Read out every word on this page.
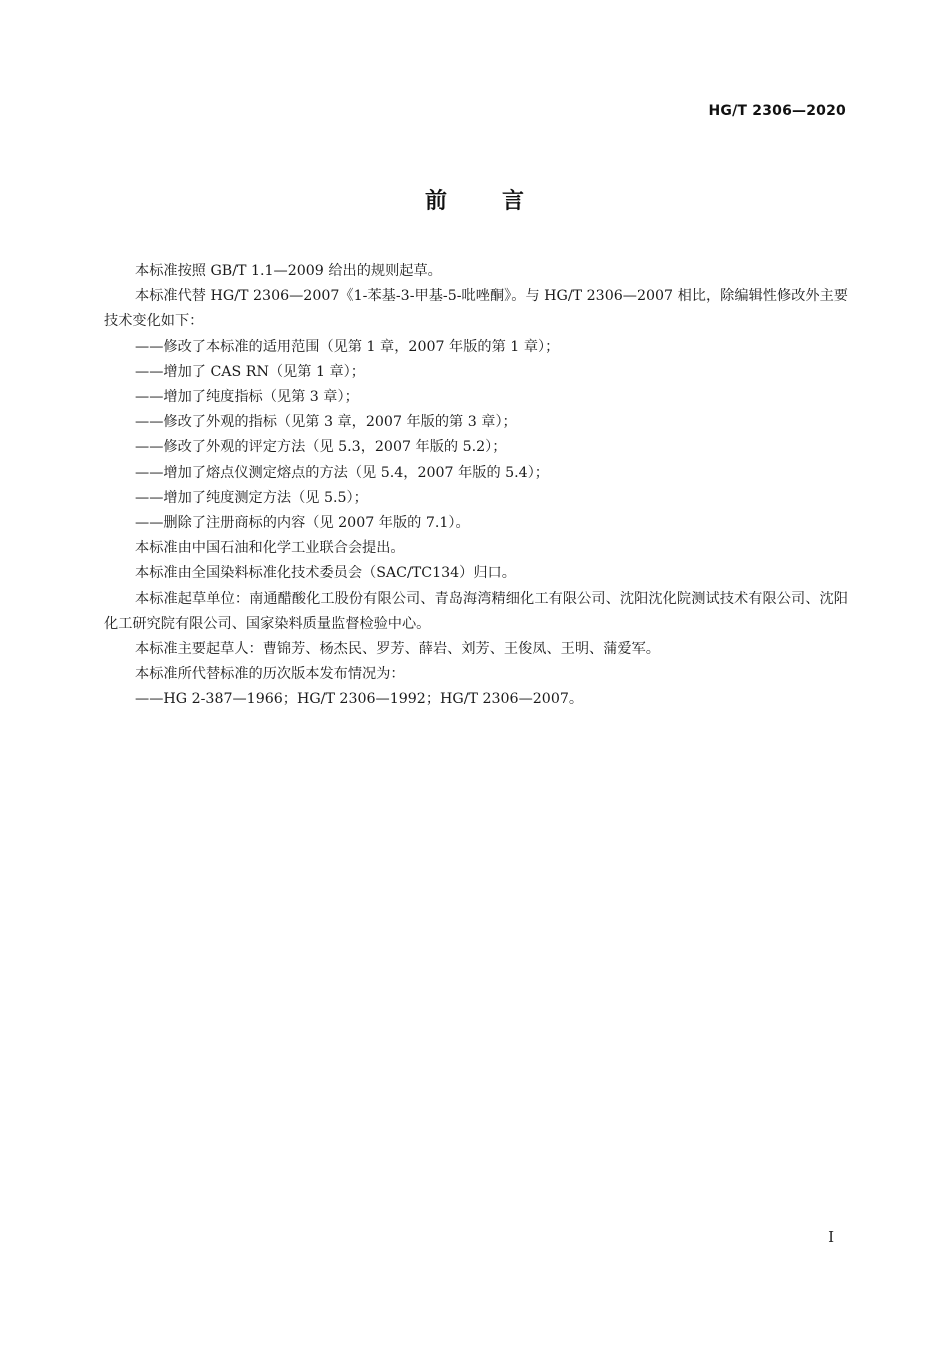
HG/T 2306—2020
前 言

本标准按照 GB/T 1.1—2009 给出的规则起草。

本标准代替 HG/T 2306—2007《1-苯基-3-甲基-5-吡唑酮》。与 HG/T 2306—2007 相比，除编辑性修改外主要技术变化如下：

——修改了本标准的适用范围（见第 1 章，2007 年版的第 1 章）；

——增加了 CAS RN（见第 1 章）；

——增加了纯度指标（见第 3 章）；

——修改了外观的指标（见第 3 章，2007 年版的第 3 章）；

——修改了外观的评定方法（见 5.3，2007 年版的 5.2）；

——增加了熔点仪测定熔点的方法（见 5.4，2007 年版的 5.4）；

——增加了纯度测定方法（见 5.5）；

——删除了注册商标的内容（见 2007 年版的 7.1）。

本标准由中国石油和化学工业联合会提出。

本标准由全国染料标准化技术委员会（SAC/TC134）归口。

本标准起草单位：南通醋酸化工股份有限公司、青岛海湾精细化工有限公司、沈阳沈化院测试技术有限公司、沈阳化工研究院有限公司、国家染料质量监督检验中心。

本标准主要起草人：曹锦芳、杨杰民、罗芳、薛岩、刘芳、王俊凤、王明、蒲爱军。

本标准所代替标准的历次版本发布情况为：

——HG 2-387—1966；HG/T 2306—1992；HG/T 2306—2007。

I
